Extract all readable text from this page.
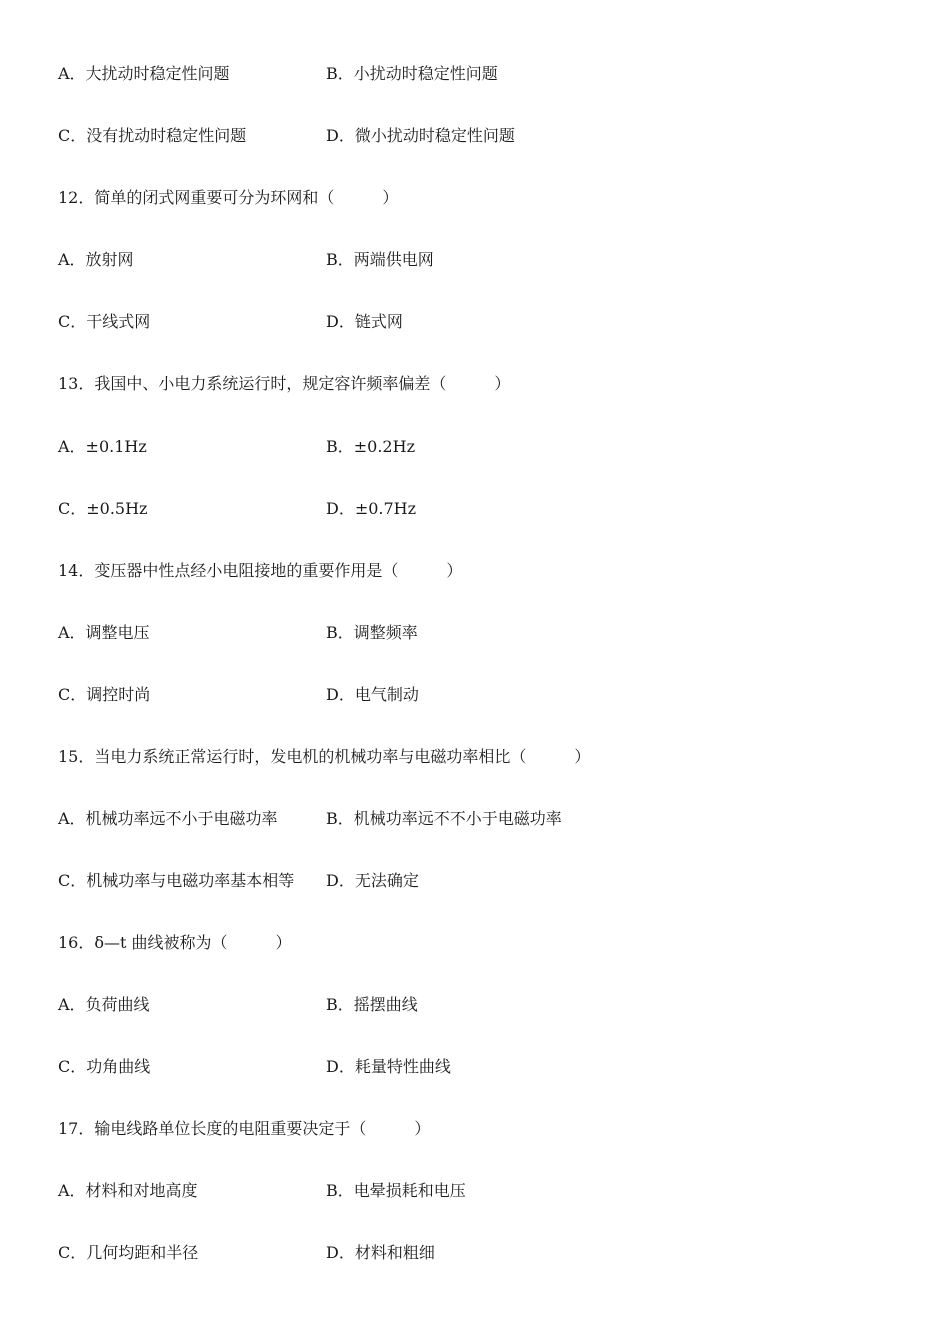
A．大扰动时稳定性问题	B．小扰动时稳定性问题
C．没有扰动时稳定性问题	D．微小扰动时稳定性问题
12．简单的闭式网重要可分为环网和（　　　）
A．放射网	B．两端供电网
C．干线式网	D．链式网
13．我国中、小电力系统运行时，规定容许频率偏差（　　　）
A．±0.1Hz	B．±0.2Hz
C．±0.5Hz	D．±0.7Hz
14．变压器中性点经小电阻接地的重要作用是（　　　）
A．调整电压	B．调整频率
C．调控时尚	D．电气制动
15．当电力系统正常运行时，发电机的机械功率与电磁功率相比（　　　）
A．机械功率远不小于电磁功率	B．机械功率远不不小于电磁功率
C．机械功率与电磁功率基本相等 D．无法确定
16．δ—t 曲线被称为（　　　）
A．负荷曲线	B．摇摆曲线
C．功角曲线	D．耗量特性曲线
17．输电线路单位长度的电阻重要决定于（　　　）
A．材料和对地高度	B．电晕损耗和电压
C．几何均距和半径	D．材料和粗细
